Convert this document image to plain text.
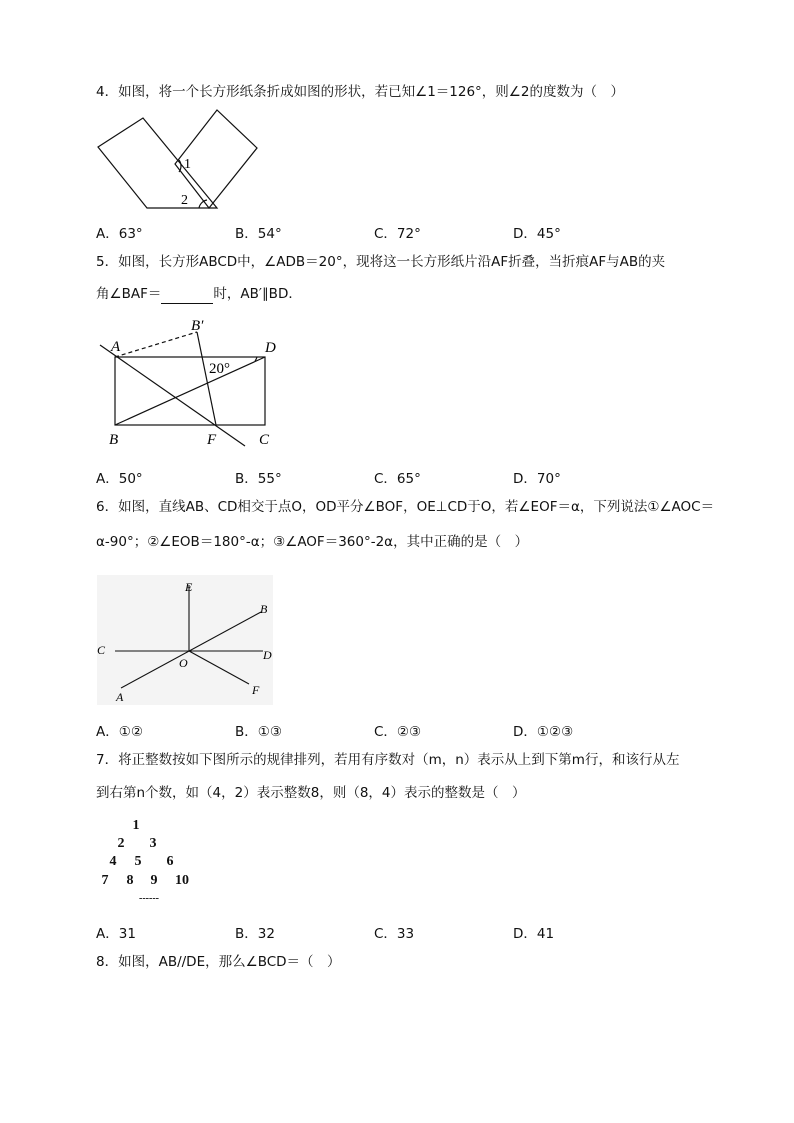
4．如图，将一个长方形纸条折成如图的形状，若已知∠1＝126°，则∠2的度数为（　）
1
2
A．63°	B．54°	C．72°	D．45°
5．如图，长方形ABCD中，∠ADB＝20°，现将这一长方形纸片沿AF折叠，当折痕AF与AB的夹
角∠BAF＝	时，AB′∥BD．
A
B′
D
20°
B	F	C
A．50°	B．55°	C．65°	D．70°
6．如图，直线AB、CD相交于点O，OD平分∠BOF，OE⊥CD于O，若∠EOF＝α，下列说法①∠AOC＝
α-90°；②∠EOB＝180°-α；③∠AOF＝360°-2α，其中正确的是（　）
E
B
C
O
D
A	F
A．①②	B．①③	C．②③	D．①②③
7．将正整数按如下图所示的规律排列，若用有序数对（m，n）表示从上到下第m行，和该行从左
到右第n个数，如（4，2）表示整数8，则（8，4）表示的整数是（　）
1
2 3
4 5 6
7 8 9 10
------
A．31	B．32	C．33	D．41
8．如图，AB//DE，那么∠BCD＝（　）
